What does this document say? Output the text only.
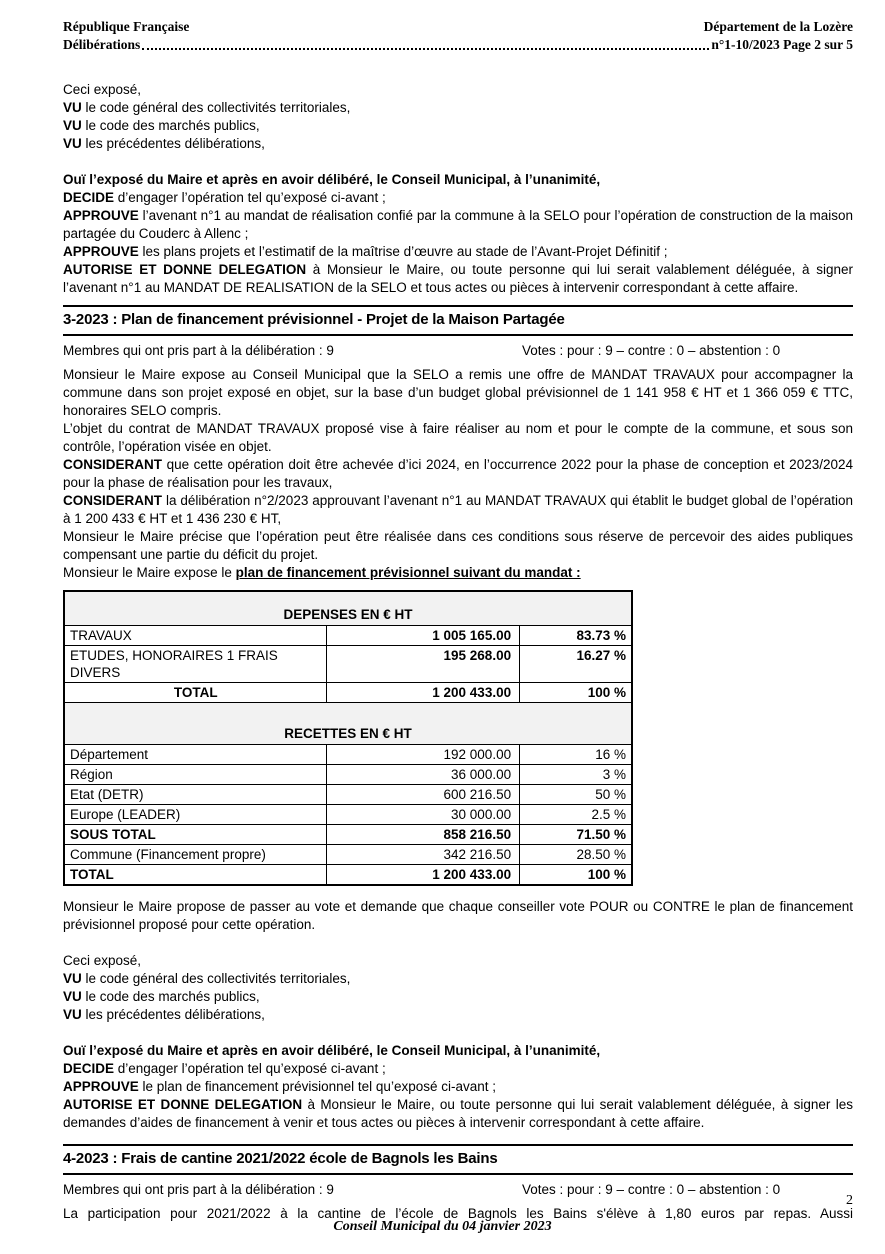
République Française	Département de la Lozère
Délibérations	n°1-10/2023 Page 2 sur 5

Ceci exposé,

VU le code général des collectivités territoriales,

VU le code des marchés publics,

VU les précédentes délibérations,

Ouï l’exposé du Maire et après en avoir délibéré, le Conseil Municipal, à l’unanimité,

DECIDE d’engager l’opération tel qu’exposé ci-avant ;

APPROUVE l’avenant n°1 au mandat de réalisation confié par la commune à la SELO pour l’opération de construction de la maison partagée du Couderc à Allenc ;

APPROUVE les plans projets et l’estimatif de la maîtrise d’œuvre au stade de l’Avant-Projet Définitif ;

AUTORISE ET DONNE DELEGATION à Monsieur le Maire, ou toute personne qui lui serait valablement déléguée, à signer l’avenant n°1 au MANDAT DE REALISATION de la SELO et tous actes ou pièces à intervenir correspondant à cette affaire.

3-2023 : Plan de financement prévisionnel - Projet de la Maison Partagée
Membres qui ont pris part à la délibération : 9	Votes : pour : 9 – contre : 0 – abstention : 0

Monsieur le Maire expose au Conseil Municipal que la SELO a remis une offre de MANDAT TRAVAUX pour accompagner la commune dans son projet exposé en objet, sur la base d’un budget global prévisionnel de 1 141 958 € HT et 1 366 059 € TTC, honoraires SELO compris.

L’objet du contrat de MANDAT TRAVAUX proposé vise à faire réaliser au nom et pour le compte de la commune, et sous son contrôle, l’opération visée en objet.

CONSIDERANT que cette opération doit être achevée d’ici 2024, en l’occurrence 2022 pour la phase de conception et 2023/2024 pour la phase de réalisation pour les travaux,

CONSIDERANT la délibération n°2/2023 approuvant l’avenant n°1 au MANDAT TRAVAUX qui établit le budget global de l’opération à 1 200 433 € HT et 1 436 230 € HT,

Monsieur le Maire précise que l’opération peut être réalisée dans ces conditions sous réserve de percevoir des aides publiques compensant une partie du déficit du projet.

Monsieur le Maire expose le plan de financement prévisionnel suivant du mandat :

DEPENSES EN € HT		
TRAVAUX	1 005 165.00	83.73 %
ETUDES, HONORAIRES 1 FRAIS DIVERS	195 268.00	16.27 %
TOTAL	1 200 433.00	100 %
RECETTES EN € HT		
Département	192 000.00	16 %
Région	36 000.00	3 %
Etat (DETR)	600 216.50	50 %
Europe (LEADER)	30 000.00	2.5 %
SOUS TOTAL	858 216.50	71.50 %
Commune (Financement propre)	342 216.50	28.50 %
TOTAL	1 200 433.00	100 %

Monsieur le Maire propose de passer au vote et demande que chaque conseiller vote POUR ou CONTRE le plan de financement prévisionnel proposé pour cette opération.

Ceci exposé,

VU le code général des collectivités territoriales,

VU le code des marchés publics,

VU les précédentes délibérations,

Ouï l’exposé du Maire et après en avoir délibéré, le Conseil Municipal, à l’unanimité,

DECIDE d’engager l’opération tel qu’exposé ci-avant ;

APPROUVE le plan de financement prévisionnel tel qu’exposé ci-avant ;

AUTORISE ET DONNE DELEGATION à Monsieur le Maire, ou toute personne qui lui serait valablement déléguée, à signer les demandes d’aides de financement à venir et tous actes ou pièces à intervenir correspondant à cette affaire.

4-2023 : Frais de cantine 2021/2022 école de Bagnols les Bains
Membres qui ont pris part à la délibération : 9	Votes : pour : 9 – contre : 0 – abstention : 0

La participation pour 2021/2022 à la cantine de l’école de Bagnols les Bains s'élève à 1,80 euros par repas. Aussi

2
Conseil Municipal du 04 janvier 2023
